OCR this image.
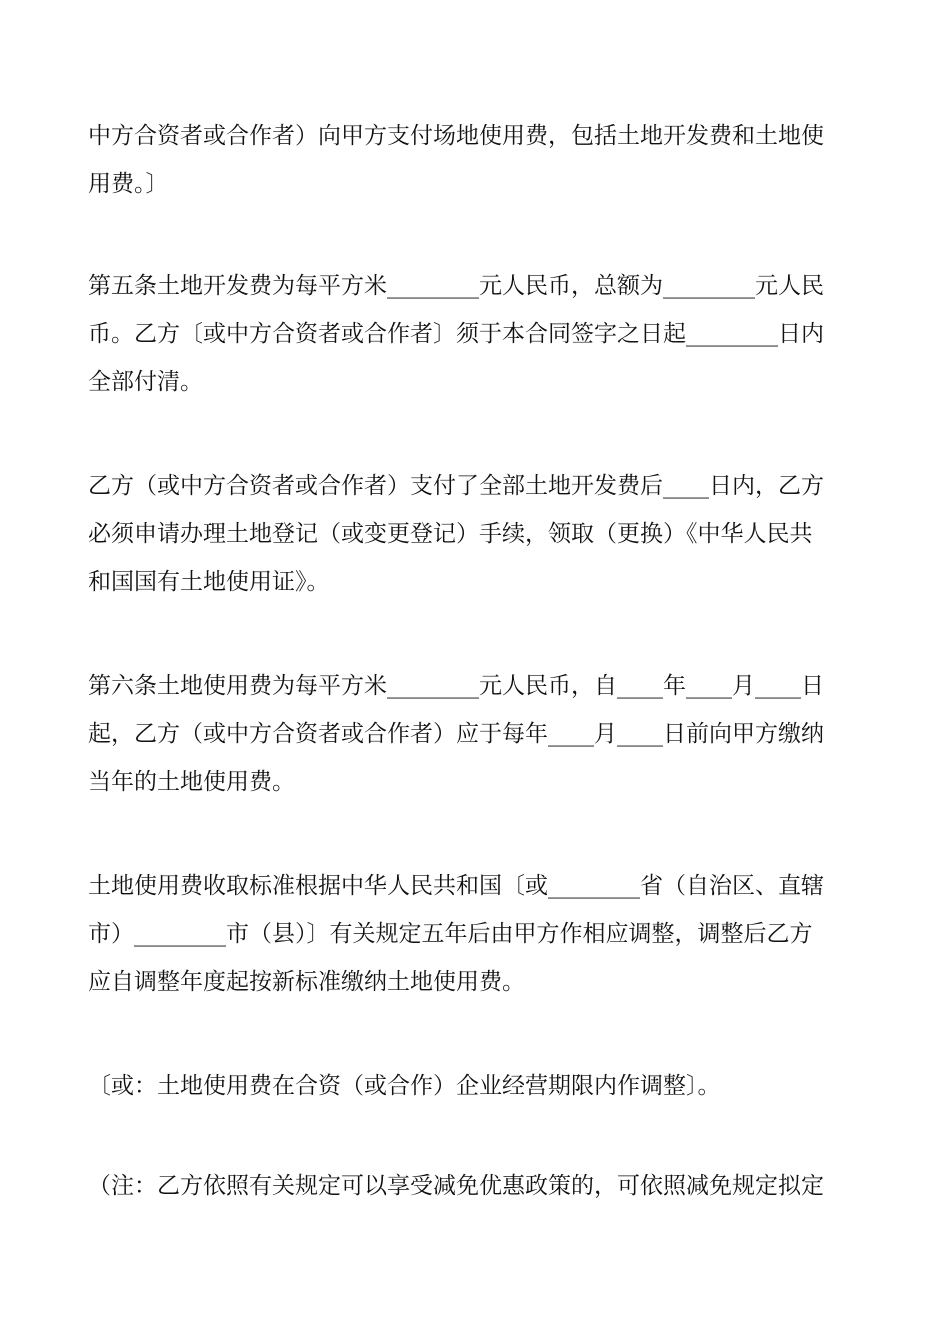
中方合资者或合作者）向甲方支付场地使用费，包括土地开发费和土地使
用费。〕

第五条土地开发费为每平方米________元人民币，总额为________元人民
币。乙方〔或中方合资者或合作者〕须于本合同签字之日起________日内
全部付清。

乙方（或中方合资者或合作者）支付了全部土地开发费后____日内，乙方
必须申请办理土地登记（或变更登记）手续，领取（更换）《中华人民共
和国国有土地使用证》。

第六条土地使用费为每平方米________元人民币，自____年____月____日
起，乙方（或中方合资者或合作者）应于每年____月____日前向甲方缴纳
当年的土地使用费。

土地使用费收取标准根据中华人民共和国〔或________省（自治区、直辖
市）________市（县）〕有关规定五年后由甲方作相应调整，调整后乙方
应自调整年度起按新标准缴纳土地使用费。

〔或：土地使用费在合资（或合作）企业经营期限内作调整〕。

（注：乙方依照有关规定可以享受减免优惠政策的，可依照减免规定拟定
